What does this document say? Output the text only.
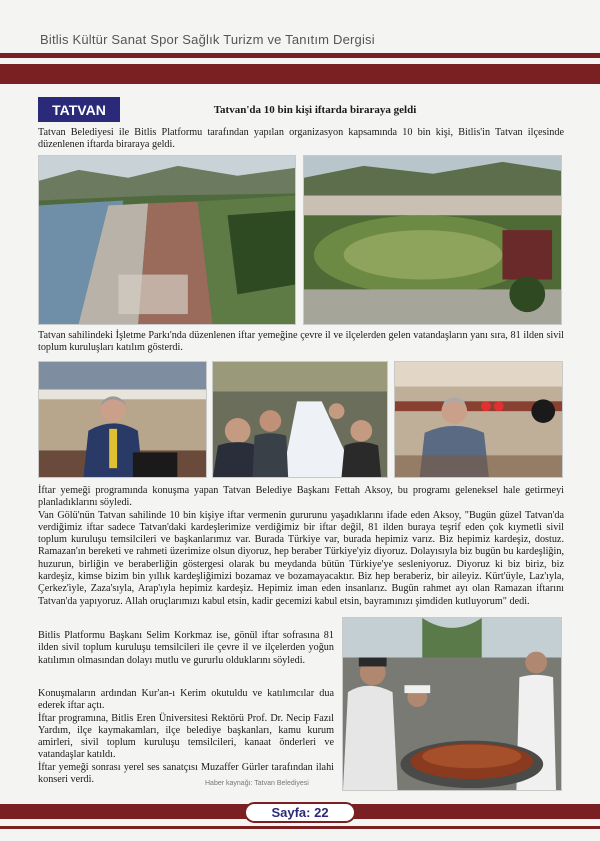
Bitlis Kültür Sanat Spor Sağlık Turizm ve Tanıtım Dergisi
TATVAN	Tatvan'da 10 bin kişi iftarda biraraya geldi

Tatvan Belediyesi ile Bitlis Platformu tarafından yapılan organizasyon kapsamında 10 bin kişi, Bitlis'in Tatvan ilçesinde düzenlenen iftarda biraraya geldi.

Tatvan sahilindeki İşletme Parkı'nda düzenlenen iftar yemeğine çevre il ve ilçelerden gelen vatandaşların yanı sıra, 81 ilden sivil toplum kuruluşları katılım gösterdi.

İftar yemeği programında konuşma yapan Tatvan Belediye Başkanı Fettah Aksoy, bu programı geleneksel hale getirmeyi planladıklarını söyledi.

Van Gölü'nün Tatvan sahilinde 10 bin kişiye iftar vermenin gururunu yaşadıklarını ifade eden Aksoy, "Bugün güzel Tatvan'da verdiğimiz iftar sadece Tatvan'daki kardeşlerimize verdiğimiz bir iftar değil, 81 ilden buraya teşrif eden çok kıymetli sivil toplum kuruluşu temsilcileri ve başkanlarımız var. Burada Türkiye var, burada hepimiz varız. Biz hepimiz kardeşiz, dostuz. Ramazan'ın bereketi ve rahmeti üzerimize olsun diyoruz, hep beraber Türkiye'yiz diyoruz. Dolayısıyla biz bugün bu kardeşliğin, huzurun, birliğin ve beraberliğin göstergesi olarak bu meydanda bütün Türkiye'ye sesleniyoruz. Diyoruz ki biz biriz, biz kardeşiz, kimse bizim bin yıllık kardeşliğimizi bozamaz ve bozamayacaktır. Biz hep beraberiz, bir aileyiz. Kürt'üyle, Laz'ıyla, Çerkez'iyle, Zaza'sıyla, Arap'ıyla hepimiz kardeşiz. Hepimiz iman eden insanlarız. Bugün rahmet ayı olan Ramazan iftarını Tatvan'da yapıyoruz. Allah oruçlarımızı kabul etsin, kadir gecemizi kabul etsin, bayramınızı şimdiden kutluyorum" dedi.

Bitlis Platformu Başkanı Selim Korkmaz ise, gönül iftar sofrasına 81 ilden sivil toplum kuruluşu temsilcileri ile çevre il ve ilçelerden yoğun katılımın olmasından dolayı mutlu ve gururlu olduklarını söyledi.

Konuşmaların ardından Kur'an-ı Kerim okutuldu ve katılımcılar dua ederek iftar açtı.

İftar programına, Bitlis Eren Üniversitesi Rektörü Prof. Dr. Necip Fazıl Yardım, ilçe kaymakamları, ilçe belediye başkanları, kamu kurum amirleri, sivil toplum kuruluşu temsilcileri, kanaat önderleri ve vatandaşlar katıldı.

İftar yemeği sonrası yerel ses sanatçısı Muzaffer Gürler tarafından ilahi konseri verdi.	Haber kaynağı: Tatvan Belediyesi
Sayfa: 22
